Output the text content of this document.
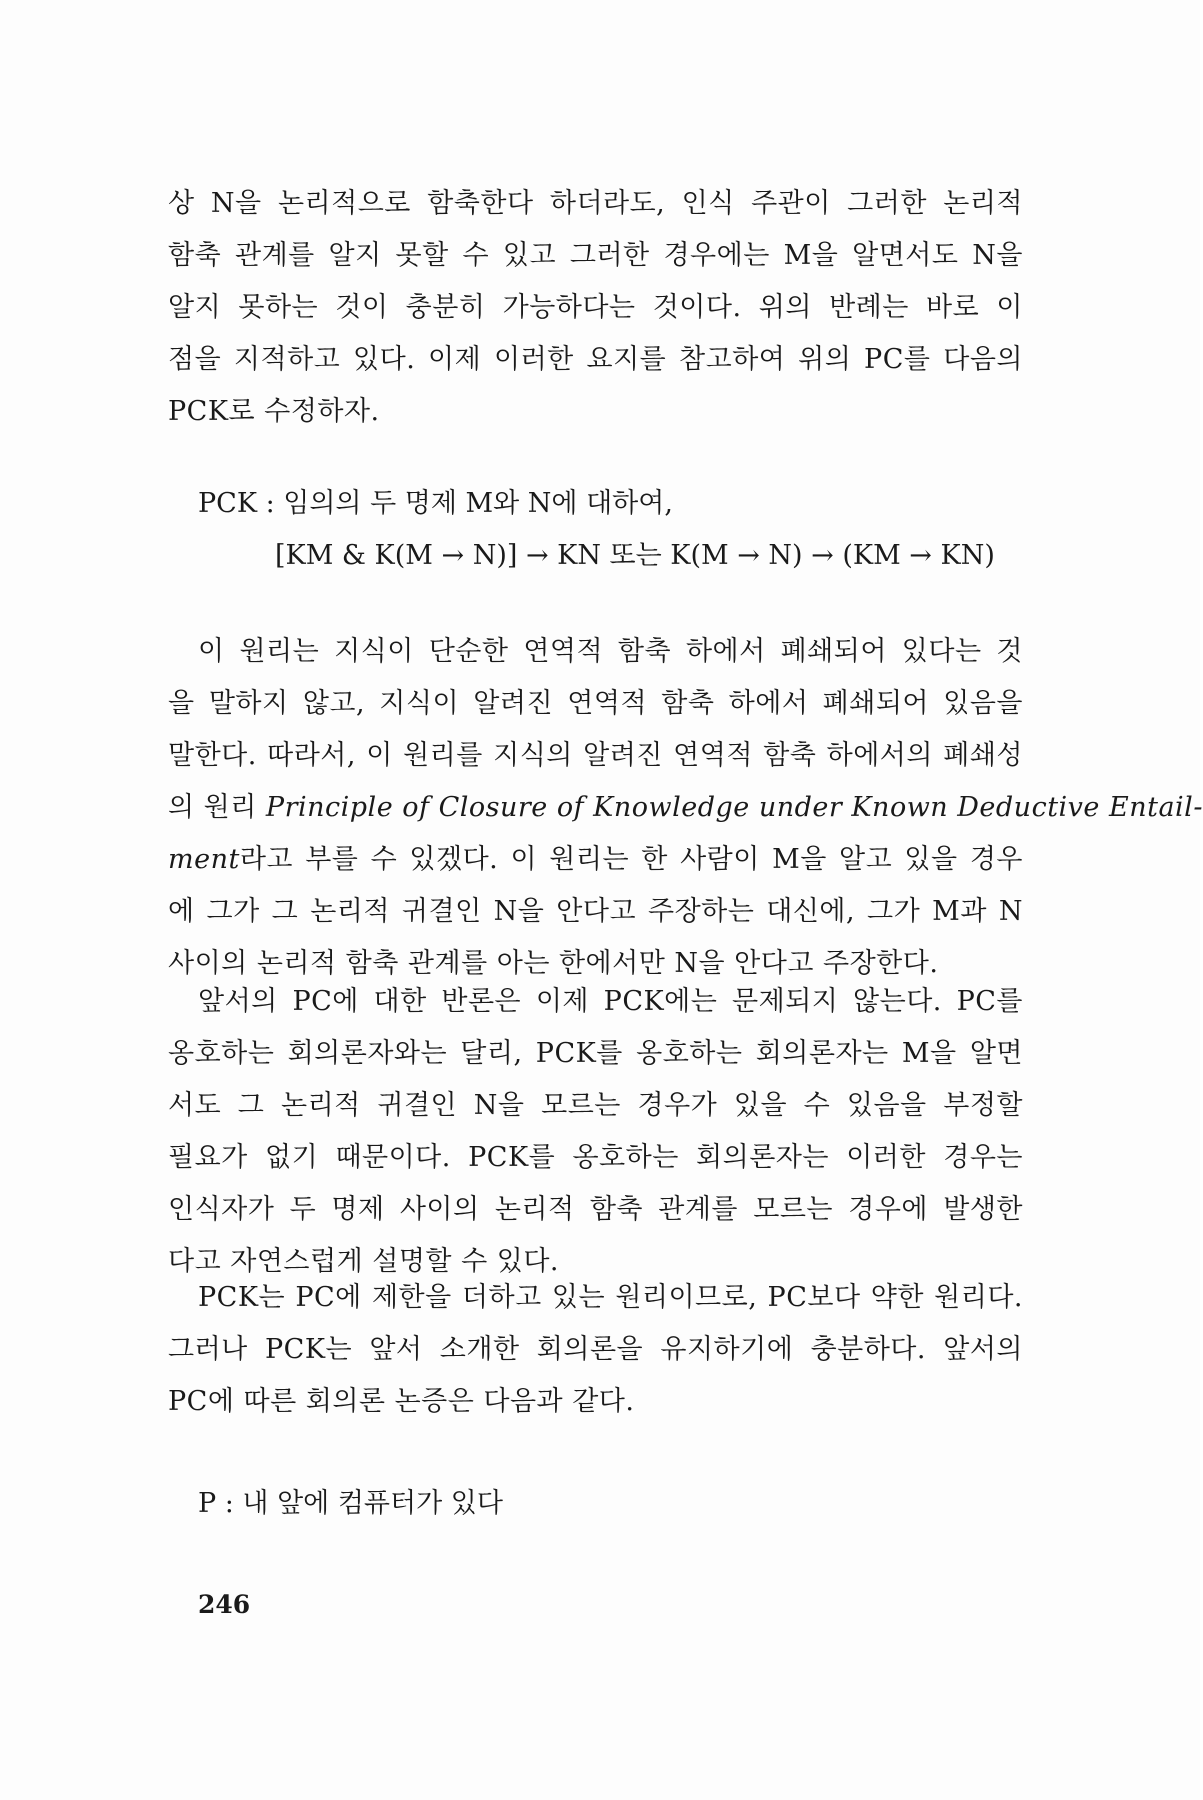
상 N을 논리적으로 함축한다 하더라도, 인식 주관이 그러한 논리적
함축 관계를 알지 못할 수 있고 그러한 경우에는 M을 알면서도 N을
알지 못하는 것이 충분히 가능하다는 것이다. 위의 반례는 바로 이
점을 지적하고 있다. 이제 이러한 요지를 참고하여 위의 PC를 다음의
PCK로 수정하자.
PCK : 임의의 두 명제 M와 N에 대하여,
[KM & K(M → N)] → KN 또는 K(M → N) → (KM → KN)
이 원리는 지식이 단순한 연역적 함축 하에서 폐쇄되어 있다는 것
을 말하지 않고, 지식이 알려진 연역적 함축 하에서 폐쇄되어 있음을
말한다. 따라서, 이 원리를 지식의 알려진 연역적 함축 하에서의 폐쇄성
의 원리 Principle of Closure of Knowledge under Known Deductive Entail-
ment라고 부를 수 있겠다. 이 원리는 한 사람이 M을 알고 있을 경우
에 그가 그 논리적 귀결인 N을 안다고 주장하는 대신에, 그가 M과 N
사이의 논리적 함축 관계를 아는 한에서만 N을 안다고 주장한다.
앞서의 PC에 대한 반론은 이제 PCK에는 문제되지 않는다. PC를
옹호하는 회의론자와는 달리, PCK를 옹호하는 회의론자는 M을 알면
서도 그 논리적 귀결인 N을 모르는 경우가 있을 수 있음을 부정할
필요가 없기 때문이다. PCK를 옹호하는 회의론자는 이러한 경우는
인식자가 두 명제 사이의 논리적 함축 관계를 모르는 경우에 발생한
다고 자연스럽게 설명할 수 있다.
PCK는 PC에 제한을 더하고 있는 원리이므로, PC보다 약한 원리다.
그러나 PCK는 앞서 소개한 회의론을 유지하기에 충분하다. 앞서의
PC에 따른 회의론 논증은 다음과 같다.
P : 내 앞에 컴퓨터가 있다
246
